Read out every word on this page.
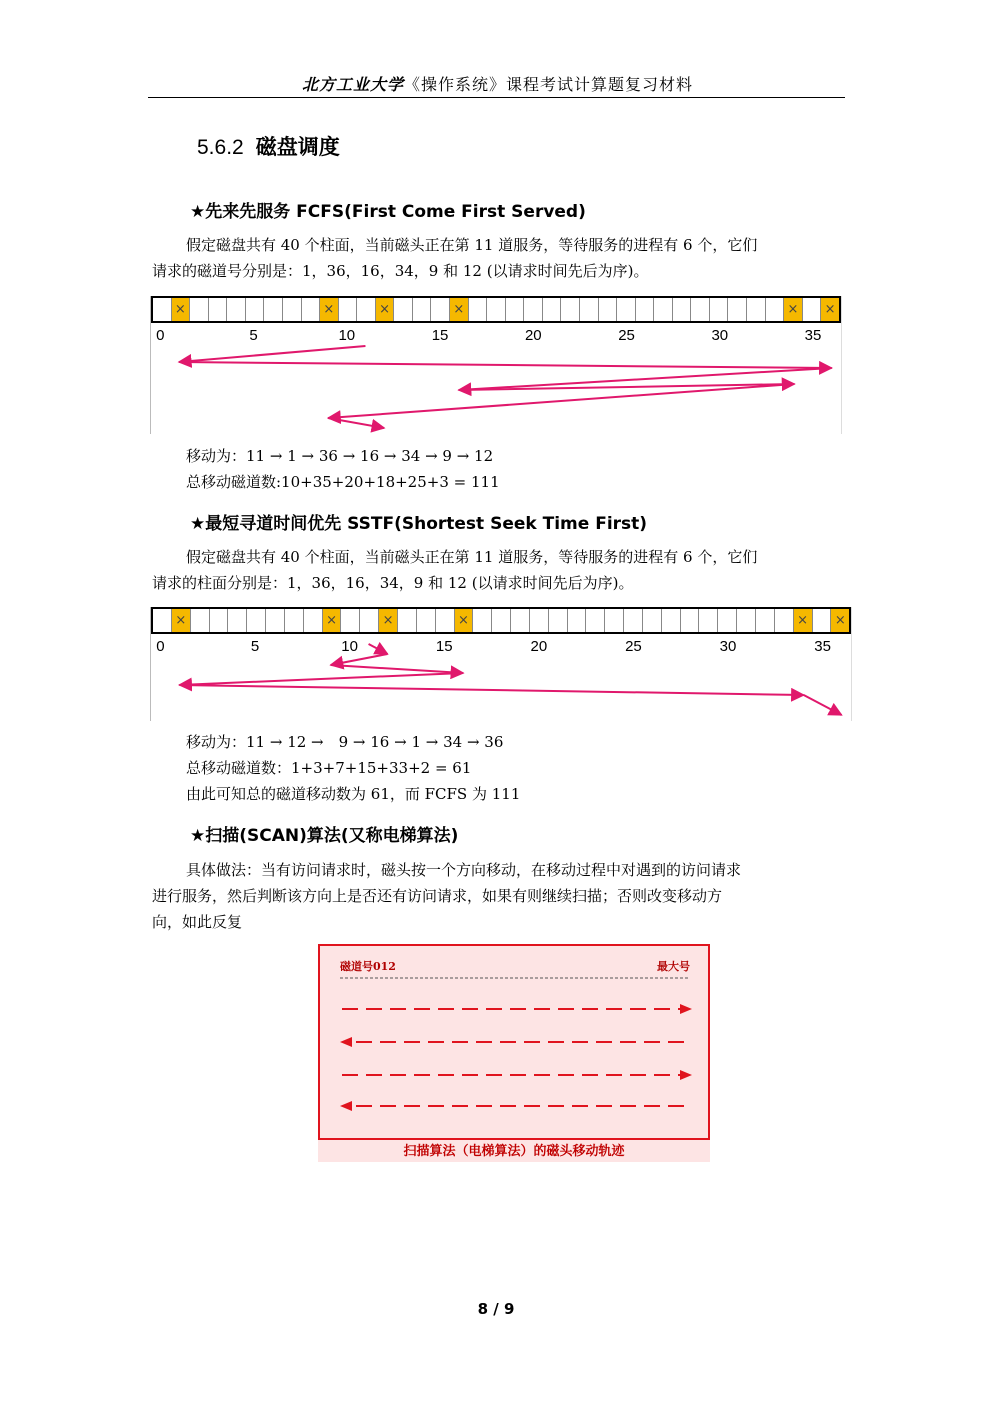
北方工业大学《操作系统》课程考试计算题复习材料
5.6.2 磁盘调度
★先来先服务 FCFS(First Come First Served)
假定磁盘共有 40 个柱面，当前磁头正在第 11 道服务，等待服务的进程有 6 个，它们
请求的磁道号分别是：1，36，16，34，9 和 12 (以请求时间先后为序)。
×	×	×	×	×	×
0	5	10	15	20	25	30	35
移动为：11 → 1 → 36 → 16 → 34 → 9 → 12
总移动磁道数:10+35+20+18+25+3 = 111
★最短寻道时间优先 SSTF(Shortest Seek Time First)
假定磁盘共有 40 个柱面，当前磁头正在第 11 道服务，等待服务的进程有 6 个，它们
请求的柱面分别是：1，36，16，34，9 和 12 (以请求时间先后为序)。
×	×	×	×	×	×
0	5	10	15	20	25	30	35
移动为：11 → 12 →　9 → 16 → 1 → 34 → 36
总移动磁道数：1+3+7+15+33+2 = 61
由此可知总的磁道移动数为 61，而 FCFS 为 111
★扫描(SCAN)算法(又称电梯算法)
具体做法：当有访问请求时，磁头按一个方向移动，在移动过程中对遇到的访问请求
进行服务，然后判断该方向上是否还有访问请求，如果有则继续扫描；否则改变移动方
向，如此反复
磁道号012	最大号
扫描算法（电梯算法）的磁头移动轨迹
8 / 9
